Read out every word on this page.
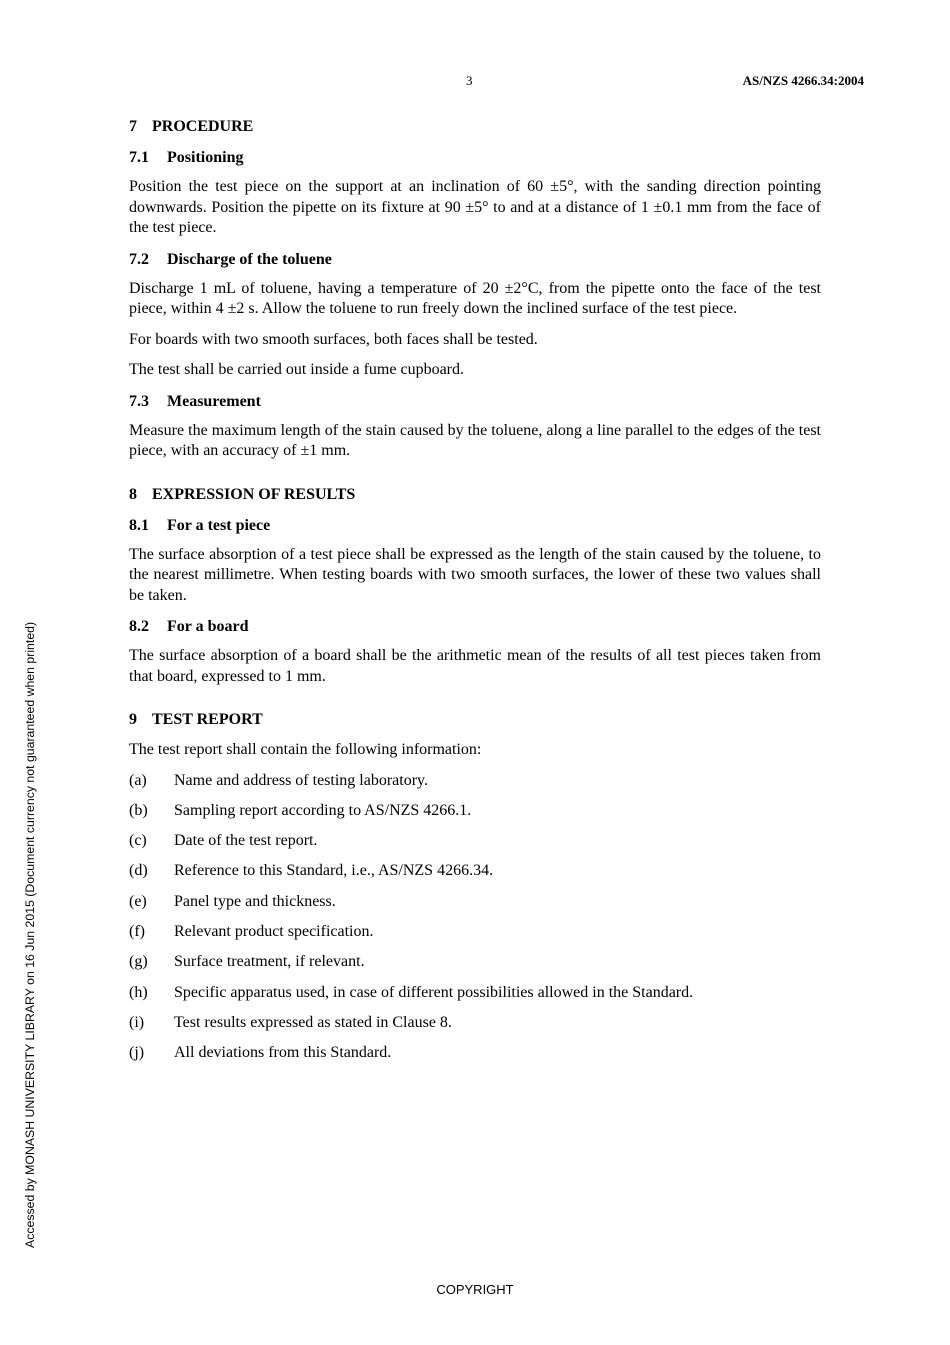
3	AS/NZS 4266.34:2004
Accessed by MONASH UNIVERSITY LIBRARY on 16 Jun 2015 (Document currency not guaranteed when printed)
7 PROCEDURE
7.1 Positioning

Position the test piece on the support at an inclination of 60 ±5°, with the sanding direction pointing downwards. Position the pipette on its fixture at 90 ±5° to and at a distance of 1 ±0.1 mm from the face of the test piece.

7.2 Discharge of the toluene

Discharge 1 mL of toluene, having a temperature of 20 ±2°C, from the pipette onto the face of the test piece, within 4 ±2 s. Allow the toluene to run freely down the inclined surface of the test piece.

For boards with two smooth surfaces, both faces shall be tested.

The test shall be carried out inside a fume cupboard.

7.3 Measurement

Measure the maximum length of the stain caused by the toluene, along a line parallel to the edges of the test piece, with an accuracy of ±1 mm.

8 EXPRESSION OF RESULTS
8.1 For a test piece

The surface absorption of a test piece shall be expressed as the length of the stain caused by the toluene, to the nearest millimetre. When testing boards with two smooth surfaces, the lower of these two values shall be taken.

8.2 For a board

The surface absorption of a board shall be the arithmetic mean of the results of all test pieces taken from that board, expressed to 1 mm.

9 TEST REPORT

The test report shall contain the following information:

(a)	Name and address of testing laboratory.
(b)	Sampling report according to AS/NZS 4266.1.
(c)	Date of the test report.
(d)	Reference to this Standard, i.e., AS/NZS 4266.34.
(e)	Panel type and thickness.
(f)	Relevant product specification.
(g)	Surface treatment, if relevant.
(h)	Specific apparatus used, in case of different possibilities allowed in the Standard.
(i)	Test results expressed as stated in Clause 8.
(j)	All deviations from this Standard.
COPYRIGHT
